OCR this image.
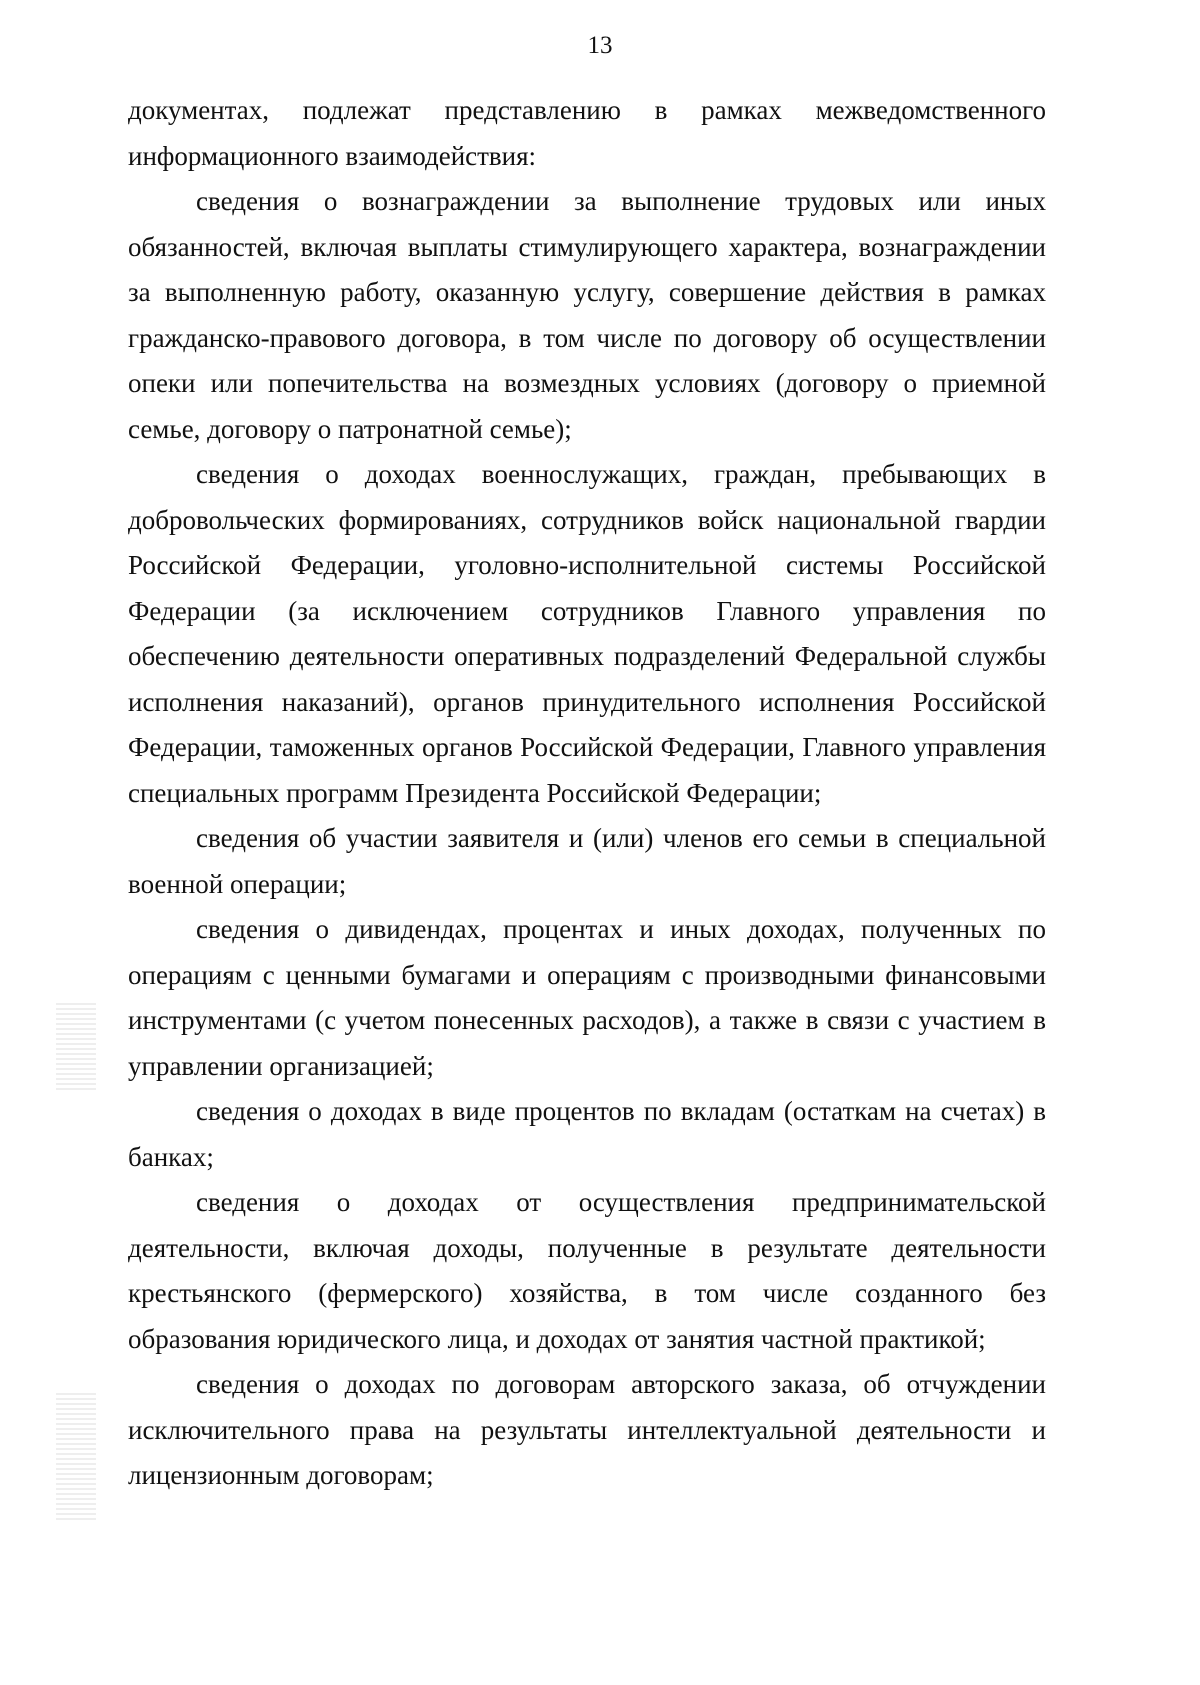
13

документах, подлежат представлению в рамках межведомственного информационного взаимодействия:

сведения о вознаграждении за выполнение трудовых или иных обязанностей, включая выплаты стимулирующего характера, вознаграждении за выполненную работу, оказанную услугу, совершение действия в рамках гражданско-правового договора, в том числе по договору об осуществлении опеки или попечительства на возмездных условиях (договору о приемной семье, договору о патронатной семье);

сведения о доходах военнослужащих, граждан, пребывающих в добровольческих формированиях, сотрудников войск национальной гвардии Российской Федерации, уголовно-исполнительной системы Российской Федерации (за исключением сотрудников Главного управления по обеспечению деятельности оперативных подразделений Федеральной службы исполнения наказаний), органов принудительного исполнения Российской Федерации, таможенных органов Российской Федерации, Главного управления специальных программ Президента Российской Федерации;

сведения об участии заявителя и (или) членов его семьи в специальной военной операции;

сведения о дивидендах, процентах и иных доходах, полученных по операциям с ценными бумагами и операциям с производными финансовыми инструментами (с учетом понесенных расходов), а также в связи с участием в управлении организацией;

сведения о доходах в виде процентов по вкладам (остаткам на счетах) в банках;

сведения о доходах от осуществления предпринимательской деятельности, включая доходы, полученные в результате деятельности крестьянского (фермерского) хозяйства, в том числе созданного без образования юридического лица, и доходах от занятия частной практикой;

сведения о доходах по договорам авторского заказа, об отчуждении исключительного права на результаты интеллектуальной деятельности и лицензионным договорам;
